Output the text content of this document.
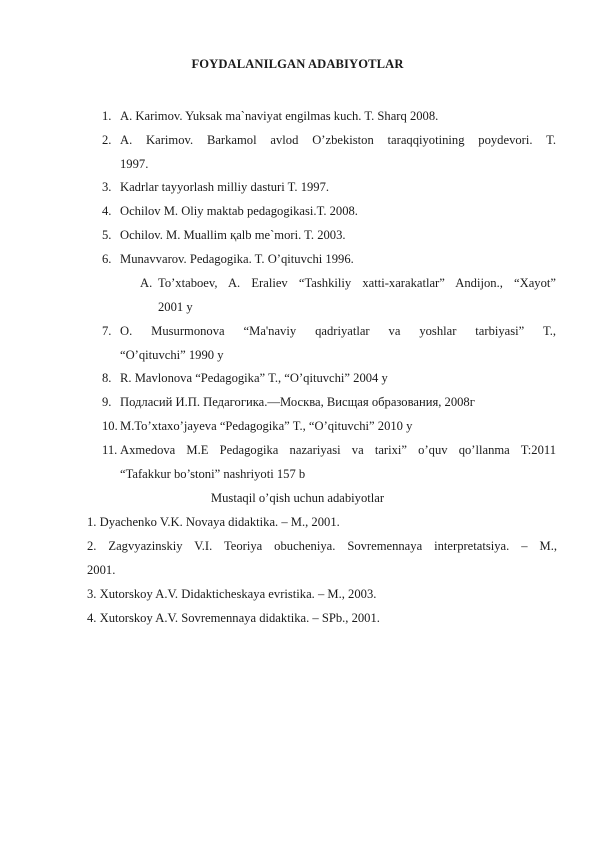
FOYDALANILGAN ADABIYOTLAR
1. A. Karimov. Yuksak ma`naviyat engilmas kuch. T. Sharq 2008.
2. A. Karimov. Barkamol avlod O’zbekiston taraqqiyotining poydevori. T.
1997.
3. Kadrlar tayyorlash milliy dasturi T. 1997.
4. Ochilov M. Oliy maktab pedagogikasi.T. 2008.
5. Ochilov. M. Muallim қalb me`mori. T. 2003.
6. Munavvarov. Pedagogika. T. O’qituvchi 1996.
A. To’xtaboev, A. Eraliev “Tashkiliy xatti-xarakatlar” Andijon., “Xayot”
2001 y
7. O. Musurmonova “Ma'naviy qadriyatlar va yoshlar tarbiyasi” T.,
“O’qituvchi” 1990 y
8. R. Mavlonova “Pedagogika” T., “O’qituvchi” 2004 y
9. Подласий И.П. Педагогика.—Москва, Висщая образования, 2008г
10. M.To’xtaxo’jayeva “Pedagogika” T., “O’qituvchi” 2010 y
11. Axmedova M.E Pedagogika nazariyasi va tarixi” o’quv qo’llanma T:2011
“Tafakkur bo’stoni” nashriyoti 157 b
Mustaqil o’qish uchun adabiyotlar
1. Dyachenko V.K. Novaya didaktika. – M., 2001.
2. Zagvyazinskiy V.I. Teoriya obucheniya. Sovremennaya interpretatsiya. – M.,
2001.
3. Xutorskoy A.V. Didakticheskaya evristika. – M., 2003.
4. Xutorskoy A.V. Sovremennaya didaktika. – SPb., 2001.
